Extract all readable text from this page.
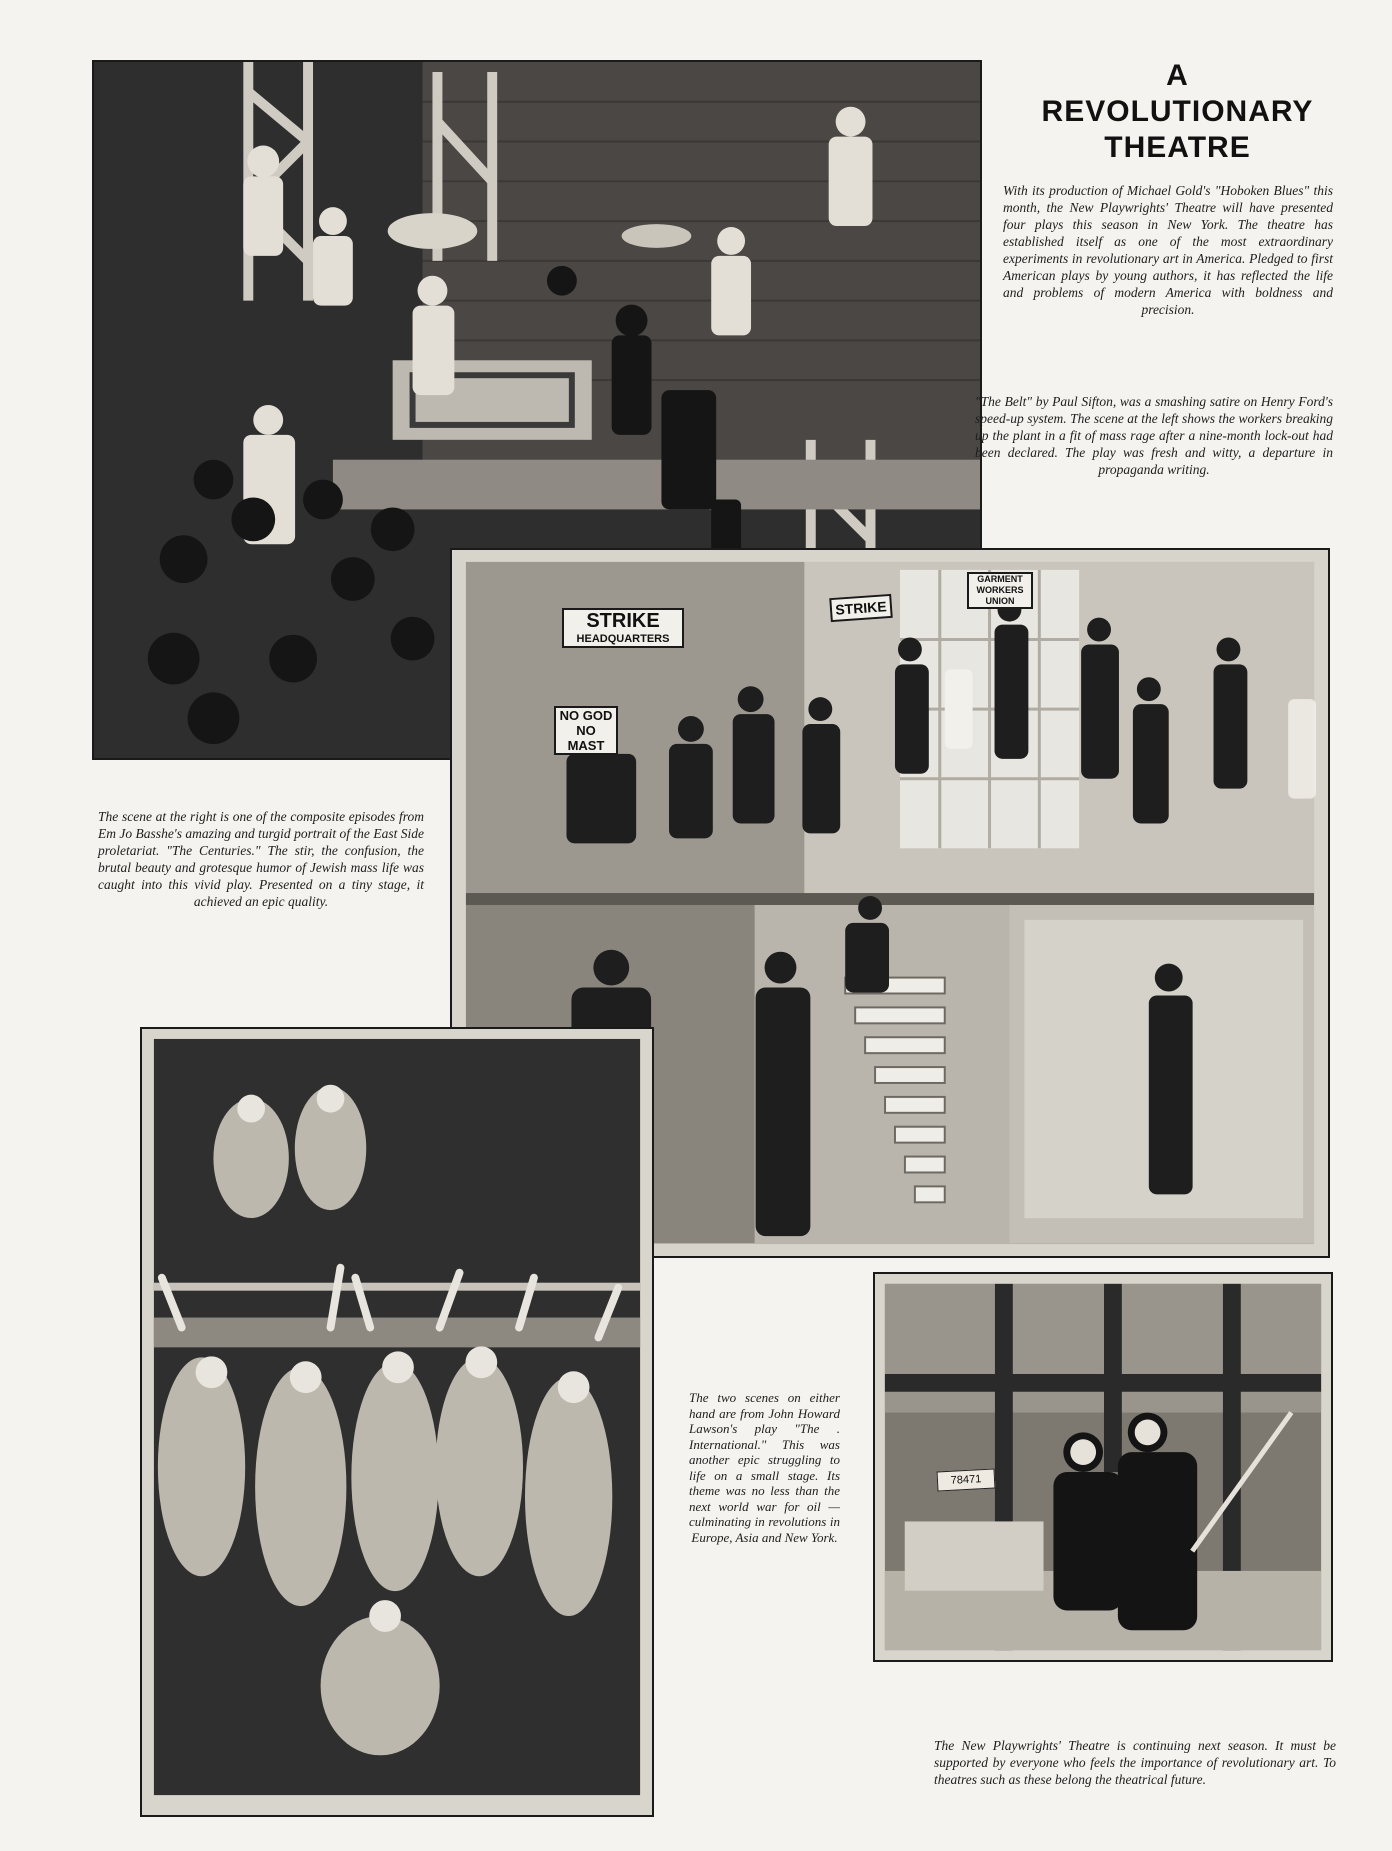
A
REVOLUTIONARY
THEATRE
With its production of Michael Gold's "Hoboken Blues" this month, the New Playwrights' Theatre will have presented four plays this season in New York. The theatre has established itself as one of the most extraordinary experiments in revolutionary art in America. Pledged to first American plays by young authors, it has reflected the life and problems of modern America with boldness and precision.
"The Belt" by Paul Sifton, was a smashing satire on Henry Ford's speed-up system. The scene at the left shows the workers breaking up the plant in a fit of mass rage after a nine-month lock-out had been declared. The play was fresh and witty, a departure in propaganda writing.
STRIKE
HEADQUARTERS
NO GOD
NO
MAST
STRIKE
GARMENT
WORKERS
UNION
The scene at the right is one of the composite episodes from Em Jo Basshe's amazing and turgid portrait of the East Side proletariat. "The Centuries." The stir, the confusion, the brutal beauty and grotesque humor of Jewish mass life was caught into this vivid play. Presented on a tiny stage, it achieved an epic quality.
The two scenes on either hand are from John Howard Lawson's play "The . International." This was another epic struggling to life on a small stage. Its theme was no less than the next world war for oil — culminating in revolutions in Europe, Asia and New York.
78471
The New Playwrights' Theatre is continuing next season. It must be supported by everyone who feels the importance of revolutionary art. To theatres such as these belong the theatrical future.
